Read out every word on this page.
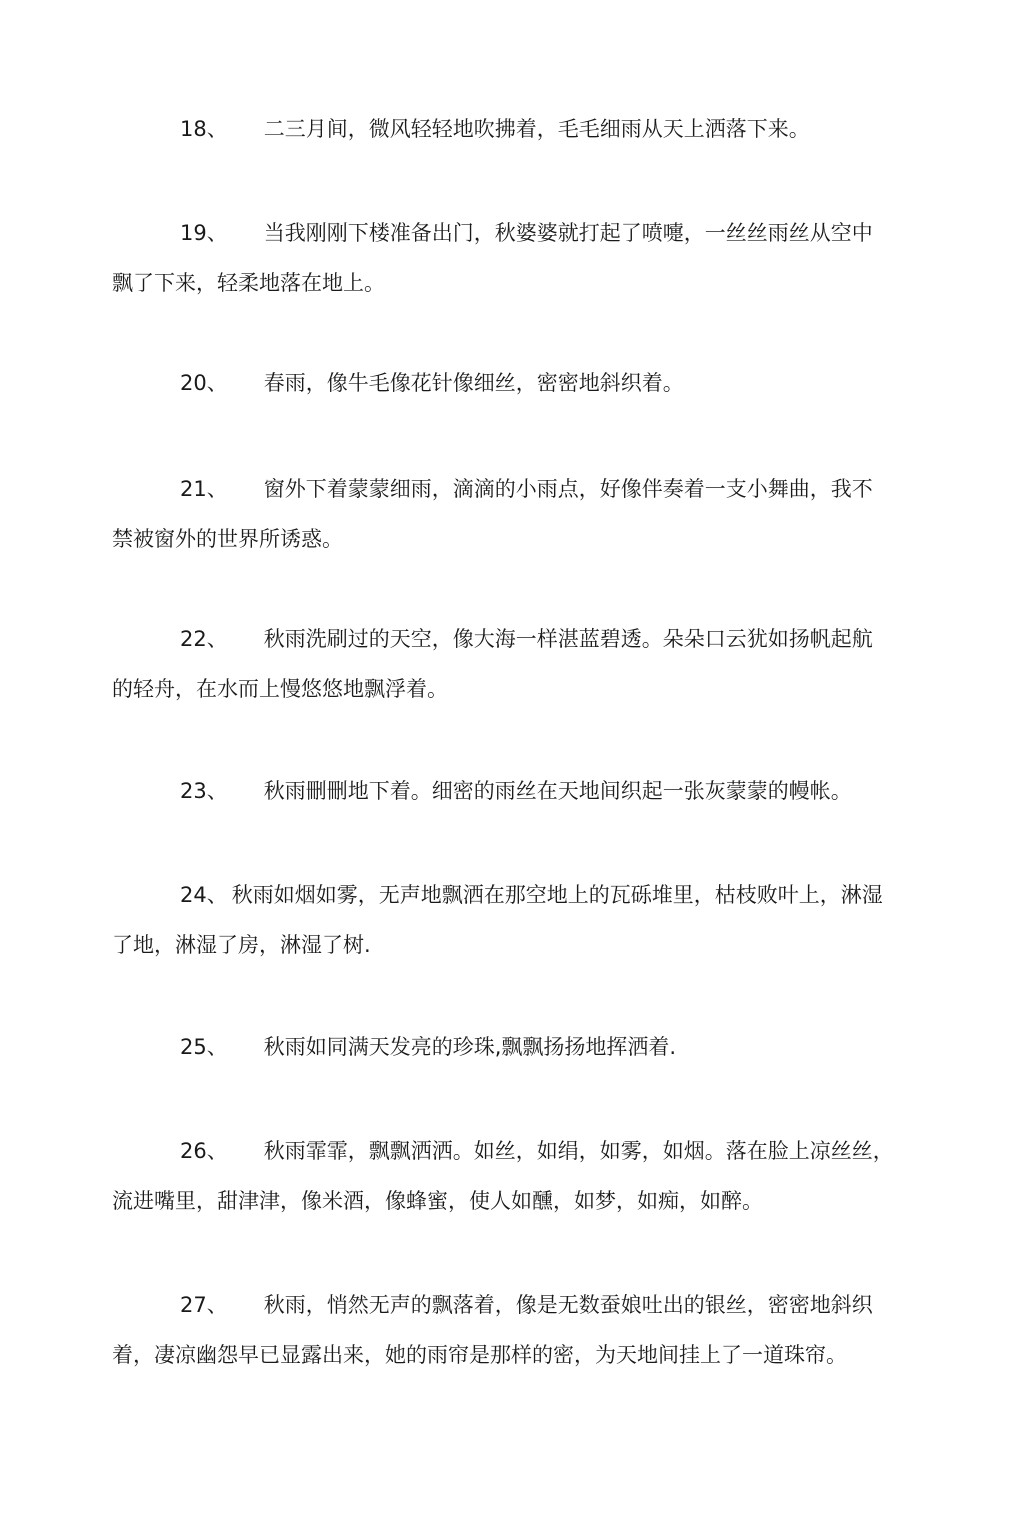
18、 二三月间，微风轻轻地吹拂着，毛毛细雨从天上洒落下来。
19、 当我刚刚下楼准备出门，秋婆婆就打起了喷嚏，一丝丝雨丝从空中
飘了下来，轻柔地落在地上。
20、 春雨，像牛毛像花针像细丝，密密地斜织着。
21、 窗外下着蒙蒙细雨，滴滴的小雨点，好像伴奏着一支小舞曲，我不
禁被窗外的世界所诱惑。
22、 秋雨洗刷过的天空，像大海一样湛蓝碧透。朵朵口云犹如扬帆起航
的轻舟，在水而上慢悠悠地飘浮着。
23、 秋雨刪刪地下着。细密的雨丝在天地间织起一张灰蒙蒙的幔帐。
24、 秋雨如烟如雾，无声地飘洒在那空地上的瓦砾堆里，枯枝败叶上，淋湿
了地，淋湿了房，淋湿了树.
25、 秋雨如同满天发亮的珍珠,飘飘扬扬地挥洒着.
26、 秋雨霏霏，飘飘洒洒。如丝，如绢，如雾，如烟。落在脸上凉丝丝，
流进嘴里，甜津津，像米酒，像蜂蜜，使人如醺，如梦，如痴，如醉。
27、 秋雨，悄然无声的飘落着，像是无数蚕娘吐出的银丝，密密地斜织
着，凄凉幽怨早已显露出来，她的雨帘是那样的密，为天地间挂上了一道珠帘。
